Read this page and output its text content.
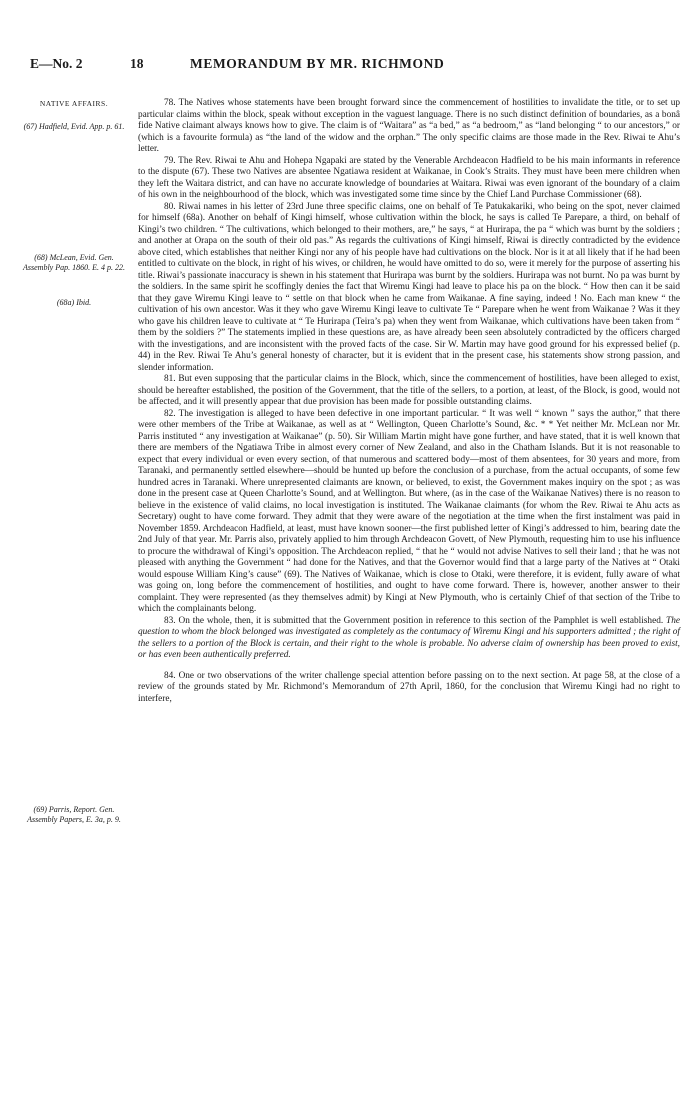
E—No. 2	18	MEMORANDUM BY MR. RICHMOND
NATIVE AFFAIRS.
(67) Hadfield, Evid. App. p. 61.
(68) McLean, Evid. Gen. Assembly Pap. 1860. E. 4 p. 22.
(68a) Ibid.
(69) Parris, Report. Gen. Assembly Papers, E. 3a, p. 9.

78. The Natives whose statements have been brought forward since the commencement of hostilities to invalidate the title, or to set up particular claims within the block, speak without exception in the vaguest language. There is no such distinct definition of boundaries, as a bonâ fide Native claimant always knows how to give. The claim is of “Waitara” as “a bed,” as “a bedroom,” as “land belonging “ to our ancestors,” or (which is a favourite formula) as “the land of the widow and the orphan.” The only specific claims are those made in the Rev. Riwai te Ahu’s letter.

79. The Rev. Riwai te Ahu and Hohepa Ngapaki are stated by the Venerable Archdeacon Hadfield to be his main informants in reference to the dispute (67). These two Natives are absentee Ngatiawa resident at Waikanae, in Cook’s Straits. They must have been mere children when they left the Waitara district, and can have no accurate knowledge of boundaries at Waitara. Riwai was even ignorant of the boundary of a claim of his own in the neighbourhood of the block, which was investigated some time since by the Chief Land Purchase Commissioner (68).

80. Riwai names in his letter of 23rd June three specific claims, one on behalf of Te Patukakariki, who being on the spot, never claimed for himself (68a). Another on behalf of Kingi himself, whose cultivation within the block, he says is called Te Parepare, a third, on behalf of Kingi’s two children. “ The cultivations, which belonged to their mothers, are,” he says, “ at Hurirapa, the pa “ which was burnt by the soldiers ; and another at Orapa on the south of their old pas.” As regards the cultivations of Kingi himself, Riwai is directly contradicted by the evidence above cited, which establishes that neither Kingi nor any of his people have had cultivations on the block. Nor is it at all likely that if he had been entitled to cultivate on the block, in right of his wives, or children, he would have omitted to do so, were it merely for the purpose of asserting his title. Riwai’s passionate inaccuracy is shewn in his statement that Hurirapa was burnt by the soldiers. Hurirapa was not burnt. No pa was burnt by the soldiers. In the same spirit he scoffingly denies the fact that Wiremu Kingi had leave to place his pa on the block. “ How then can it be said that they gave Wiremu Kingi leave to “ settle on that block when he came from Waikanae. A fine saying, indeed ! No. Each man knew “ the cultivation of his own ancestor. Was it they who gave Wiremu Kingi leave to cultivate Te “ Parepare when he went from Waikanae ? Was it they who gave his children leave to cultivate at “ Te Hurirapa (Teira’s pa) when they went from Waikanae, which cultivations have been taken from “ them by the soldiers ?” The statements implied in these questions are, as have already been seen absolutely contradicted by the officers charged with the investigations, and are inconsistent with the proved facts of the case. Sir W. Martin may have good ground for his expressed belief (p. 44) in the Rev. Riwai Te Ahu’s general honesty of character, but it is evident that in the present case, his statements show strong passion, and slender information.

81. But even supposing that the particular claims in the Block, which, since the commencement of hostilities, have been alleged to exist, should be hereafter established, the position of the Government, that the title of the sellers, to a portion, at least, of the Block, is good, would not be affected, and it will presently appear that due provision has been made for possible outstanding claims.

82. The investigation is alleged to have been defective in one important particular. “ It was well “ known ” says the author,” that there were other members of the Tribe at Waikanae, as well as at “ Wellington, Queen Charlotte’s Sound, &c. * * Yet neither Mr. McLean nor Mr. Parris instituted “ any investigation at Waikanae” (p. 50). Sir William Martin might have gone further, and have stated, that it is well known that there are members of the Ngatiawa Tribe in almost every corner of New Zealand, and also in the Chatham Islands. But it is not reasonable to expect that every individual or even every section, of that numerous and scattered body—most of them absentees, for 30 years and more, from Taranaki, and permanently settled elsewhere—should be hunted up before the conclusion of a purchase, from the actual occupants, of some few hundred acres in Taranaki. Where unrepresented claimants are known, or believed, to exist, the Government makes inquiry on the spot ; as was done in the present case at Queen Charlotte’s Sound, and at Wellington. But where, (as in the case of the Waikanae Natives) there is no reason to believe in the existence of valid claims, no local investigation is instituted. The Waikanae claimants (for whom the Rev. Riwai te Ahu acts as Secretary) ought to have come forward. They admit that they were aware of the negotiation at the time when the first instalment was paid in November 1859. Archdeacon Hadfield, at least, must have known sooner—the first published letter of Kingi’s addressed to him, bearing date the 2nd July of that year. Mr. Parris also, privately applied to him through Archdeacon Govett, of New Plymouth, requesting him to use his influence to procure the withdrawal of Kingi’s opposition. The Archdeacon replied, “ that he “ would not advise Natives to sell their land ; that he was not pleased with anything the Government “ had done for the Natives, and that the Governor would find that a large party of the Natives at “ Otaki would espouse William King’s cause” (69). The Natives of Waikanae, which is close to Otaki, were therefore, it is evident, fully aware of what was going on, long before the commencement of hostilities, and ought to have come forward. There is, however, another answer to their complaint. They were represented (as they themselves admit) by Kingi at New Plymouth, who is certainly Chief of that section of the Tribe to which the complainants belong.

83. On the whole, then, it is submitted that the Government position in reference to this section of the Pamphlet is well established. The question to whom the block belonged was investigated as completely as the contumacy of Wiremu Kingi and his supporters admitted ; the right of the sellers to a portion of the Block is certain, and their right to the whole is probable. No adverse claim of ownership has been proved to exist, or has even been authentically preferred.

84. One or two observations of the writer challenge special attention before passing on to the next section. At page 58, at the close of a review of the grounds stated by Mr. Richmond’s Memorandum of 27th April, 1860, for the conclusion that Wiremu Kingi had no right to interfere,
